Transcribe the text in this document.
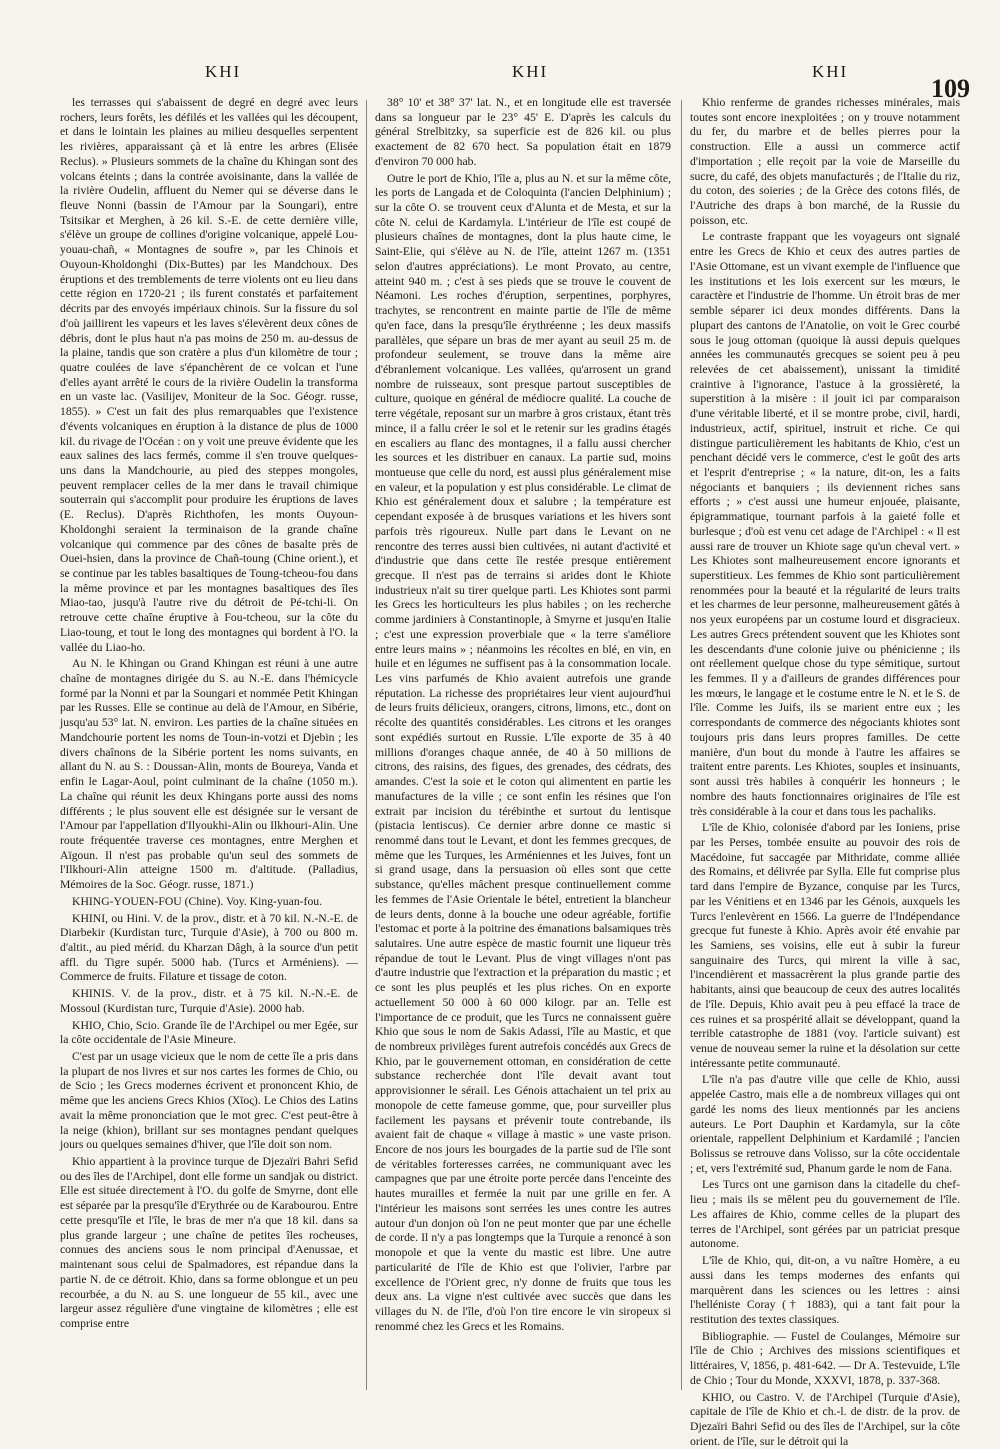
KHI	KHI	KHI
109

les terrasses qui s'abaissent de degré en degré avec leurs rochers, leurs forêts, les défilés et les vallées qui les découpent, et dans le lointain les plaines au milieu desquelles serpentent les rivières, apparaissant çà et là entre les arbres (Elisée Reclus). » Plusieurs sommets de la chaîne du Khingan sont des volcans éteints ; dans la contrée avoisinante, dans la vallée de la rivière Oudelin, affluent du Nemer qui se déverse dans le fleuve Nonni (bassin de l'Amour par la Soungari), entre Tsitsikar et Merghen, à 26 kil. S.-E. de cette dernière ville, s'élève un groupe de collines d'origine volcanique, appelé Lou-youau-chañ, « Montagnes de soufre », par les Chinois et Ouyoun-Kholdonghi (Dix-Buttes) par les Mandchoux. Des éruptions et des tremblements de terre violents ont eu lieu dans cette région en 1720-21 ; ils furent constatés et parfaitement décrits par des envoyés impériaux chinois. Sur la fissure du sol d'où jaillirent les vapeurs et les laves s'élevèrent deux cônes de débris, dont le plus haut n'a pas moins de 250 m. au-dessus de la plaine, tandis que son cratère a plus d'un kilomètre de tour ; quatre coulées de lave s'épanchèrent de ce volcan et l'une d'elles ayant arrêté le cours de la rivière Oudelin la transforma en un vaste lac. (Vasilijev, Moniteur de la Soc. Géogr. russe, 1855). » C'est un fait des plus remarquables que l'existence d'évents volcaniques en éruption à la distance de plus de 1000 kil. du rivage de l'Océan : on y voit une preuve évidente que les eaux salines des lacs fermés, comme il s'en trouve quelques-uns dans la Mandchourie, au pied des steppes mongoles, peuvent remplacer celles de la mer dans le travail chimique souterrain qui s'accomplit pour produire les éruptions de laves (E. Reclus). D'après Richthofen, les monts Ouyoun-Kholdonghi seraient la terminaison de la grande chaîne volcanique qui commence par des cônes de basalte près de Ouei-hsien, dans la province de Chañ-toung (Chine orient.), et se continue par les tables basaltiques de Toung-tcheou-fou dans la même province et par les montagnes basaltiques des îles Miao-tao, jusqu'à l'autre rive du détroit de Pé-tchi-li. On retrouve cette chaîne éruptive à Fou-tcheou, sur la côte du Liao-toung, et tout le long des montagnes qui bordent à l'O. la vallée du Liao-ho.

Au N. le Khingan ou Grand Khingan est réuni à une autre chaîne de montagnes dirigée du S. au N.-E. dans l'hémicycle formé par la Nonni et par la Soungari et nommée Petit Khingan par les Russes. Elle se continue au delà de l'Amour, en Sibérie, jusqu'au 53° lat. N. environ. Les parties de la chaîne situées en Mandchourie portent les noms de Toun-in-votzi et Djebin ; les divers chaînons de la Sibérie portent les noms suivants, en allant du N. au S. : Doussan-Alin, monts de Boureya, Vanda et enfin le Lagar-Aoul, point culminant de la chaîne (1050 m.). La chaîne qui réunit les deux Khingans porte aussi des noms différents ; le plus souvent elle est désignée sur le versant de l'Amour par l'appellation d'Ilyoukhi-Alin ou Ilkhouri-Alin. Une route fréquentée traverse ces montagnes, entre Merghen et Aïgoun. Il n'est pas probable qu'un seul des sommets de l'Ilkhouri-Alin atteigne 1500 m. d'altitude. (Palladius, Mémoires de la Soc. Géogr. russe, 1871.)

KHING-YOUEN-FOU (Chine). Voy. King-yuan-fou.

KHINI, ou Hini. V. de la prov., distr. et à 70 kil. N.-N.-E. de Diarbekir (Kurdistan turc, Turquie d'Asie), à 700 ou 800 m. d'altit., au pied mérid. du Kharzan Dâgh, à la source d'un petit affl. du Tigre supér. 5000 hab. (Turcs et Arméniens). — Commerce de fruits. Filature et tissage de coton.

KHINIS. V. de la prov., distr. et à 75 kil. N.-N.-E. de Mossoul (Kurdistan turc, Turquie d'Asie). 2000 hab.

KHIO, Chio, Scio. Grande île de l'Archipel ou mer Egée, sur la côte occidentale de l'Asie Mineure.

C'est par un usage vicieux que le nom de cette île a pris dans la plupart de nos livres et sur nos cartes les formes de Chio, ou de Scio ; les Grecs modernes écrivent et prononcent Khio, de même que les anciens Grecs Khios (Χῖος). Le Chios des Latins avait la même prononciation que le mot grec. C'est peut-être à la neige (khion), brillant sur ses montagnes pendant quelques jours ou quelques semaines d'hiver, que l'île doit son nom.

Khio appartient à la province turque de Djezaïri Bahri Sefid ou des îles de l'Archipel, dont elle forme un sandjak ou district. Elle est située directement à l'O. du golfe de Smyrne, dont elle est séparée par la presqu'île d'Erythrée ou de Karabourou. Entre cette presqu'île et l'île, le bras de mer n'a que 18 kil. dans sa plus grande largeur ; une chaîne de petites îles rocheuses, connues des anciens sous le nom principal d'Aenussae, et maintenant sous celui de Spalmadores, est répandue dans la partie N. de ce détroit. Khio, dans sa forme oblongue et un peu recourbée, a du N. au S. une longueur de 55 kil., avec une largeur assez régulière d'une vingtaine de kilomètres ; elle est comprise entre

38° 10' et 38° 37' lat. N., et en longitude elle est traversée dans sa longueur par le 23° 45' E. D'après les calculs du général Strelbitzky, sa superficie est de 826 kil. ou plus exactement de 82 670 hect. Sa population était en 1879 d'environ 70 000 hab.

Outre le port de Khio, l'île a, plus au N. et sur la même côte, les ports de Langada et de Coloquinta (l'ancien Delphinium) ; sur la côte O. se trouvent ceux d'Alunta et de Mesta, et sur la côte N. celui de Kardamyla. L'intérieur de l'île est coupé de plusieurs chaînes de montagnes, dont la plus haute cime, le Saint-Elie, qui s'élève au N. de l'île, atteint 1267 m. (1351 selon d'autres appréciations). Le mont Provato, au centre, atteint 940 m. ; c'est à ses pieds que se trouve le couvent de Néamoni. Les roches d'éruption, serpentines, porphyres, trachytes, se rencontrent en mainte partie de l'île de même qu'en face, dans la presqu'île érythréenne ; les deux massifs parallèles, que sépare un bras de mer ayant au seuil 25 m. de profondeur seulement, se trouve dans la même aire d'ébranlement volcanique. Les vallées, qu'arrosent un grand nombre de ruisseaux, sont presque partout susceptibles de culture, quoique en général de médiocre qualité. La couche de terre végétale, reposant sur un marbre à gros cristaux, étant très mince, il a fallu créer le sol et le retenir sur les gradins étagés en escaliers au flanc des montagnes, il a fallu aussi chercher les sources et les distribuer en canaux. La partie sud, moins montueuse que celle du nord, est aussi plus généralement mise en valeur, et la population y est plus considérable. Le climat de Khio est généralement doux et salubre ; la température est cependant exposée à de brusques variations et les hivers sont parfois très rigoureux. Nulle part dans le Levant on ne rencontre des terres aussi bien cultivées, ni autant d'activité et d'industrie que dans cette île restée presque entièrement grecque. Il n'est pas de terrains si arides dont le Khiote industrieux n'ait su tirer quelque parti. Les Khiotes sont parmi les Grecs les horticulteurs les plus habiles ; on les recherche comme jardiniers à Constantinople, à Smyrne et jusqu'en Italie ; c'est une expression proverbiale que « la terre s'améliore entre leurs mains » ; néanmoins les récoltes en blé, en vin, en huile et en légumes ne suffisent pas à la consommation locale. Les vins parfumés de Khio avaient autrefois une grande réputation. La richesse des propriétaires leur vient aujourd'hui de leurs fruits délicieux, orangers, citrons, limons, etc., dont on récolte des quantités considérables. Les citrons et les oranges sont expédiés surtout en Russie. L'île exporte de 35 à 40 millions d'oranges chaque année, de 40 à 50 millions de citrons, des raisins, des figues, des grenades, des cédrats, des amandes. C'est la soie et le coton qui alimentent en partie les manufactures de la ville ; ce sont enfin les résines que l'on extrait par incision du térébinthe et surtout du lentisque (pistacia lentiscus). Ce dernier arbre donne ce mastic si renommé dans tout le Levant, et dont les femmes grecques, de même que les Turques, les Arméniennes et les Juives, font un si grand usage, dans la persuasion où elles sont que cette substance, qu'elles mâchent presque continuellement comme les femmes de l'Asie Orientale le bétel, entretient la blancheur de leurs dents, donne à la bouche une odeur agréable, fortifie l'estomac et porte à la poitrine des émanations balsamiques très salutaires. Une autre espèce de mastic fournit une liqueur très répandue de tout le Levant. Plus de vingt villages n'ont pas d'autre industrie que l'extraction et la préparation du mastic ; et ce sont les plus peuplés et les plus riches. On en exporte actuellement 50 000 à 60 000 kilogr. par an. Telle est l'importance de ce produit, que les Turcs ne connaissent guère Khio que sous le nom de Sakis Adassi, l'île au Mastic, et que de nombreux privilèges furent autrefois concédés aux Grecs de Khio, par le gouvernement ottoman, en considération de cette substance recherchée dont l'île devait avant tout approvisionner le sérail. Les Génois attachaient un tel prix au monopole de cette fameuse gomme, que, pour surveiller plus facilement les paysans et prévenir toute contrebande, ils avaient fait de chaque « village à mastic » une vaste prison. Encore de nos jours les bourgades de la partie sud de l'île sont de véritables forteresses carrées, ne communiquant avec les campagnes que par une étroite porte percée dans l'enceinte des hautes murailles et fermée la nuit par une grille en fer. A l'intérieur les maisons sont serrées les unes contre les autres autour d'un donjon où l'on ne peut monter que par une échelle de corde. Il n'y a pas longtemps que la Turquie a renoncé à son monopole et que la vente du mastic est libre. Une autre particularité de l'île de Khio est que l'olivier, l'arbre par excellence de l'Orient grec, n'y donne de fruits que tous les deux ans. La vigne n'est cultivée avec succès que dans les villages du N. de l'île, d'où l'on tire encore le vin siropeux si renommé chez les Grecs et les Romains.

Khio renferme de grandes richesses minérales, mais toutes sont encore inexploitées ; on y trouve notamment du fer, du marbre et de belles pierres pour la construction. Elle a aussi un commerce actif d'importation ; elle reçoit par la voie de Marseille du sucre, du café, des objets manufacturés ; de l'Italie du riz, du coton, des soieries ; de la Grèce des cotons filés, de l'Autriche des draps à bon marché, de la Russie du poisson, etc.

Le contraste frappant que les voyageurs ont signalé entre les Grecs de Khio et ceux des autres parties de l'Asie Ottomane, est un vivant exemple de l'influence que les institutions et les lois exercent sur les mœurs, le caractère et l'industrie de l'homme. Un étroit bras de mer semble séparer ici deux mondes différents. Dans la plupart des cantons de l'Anatolie, on voit le Grec courbé sous le joug ottoman (quoique là aussi depuis quelques années les communautés grecques se soient peu à peu relevées de cet abaissement), unissant la timidité craintive à l'ignorance, l'astuce à la grossièreté, la superstition à la misère : il jouit ici par comparaison d'une véritable liberté, et il se montre probe, civil, hardi, industrieux, actif, spirituel, instruit et riche. Ce qui distingue particulièrement les habitants de Khio, c'est un penchant décidé vers le commerce, c'est le goût des arts et l'esprit d'entreprise ; « la nature, dit-on, les a faits négociants et banquiers ; ils deviennent riches sans efforts ; » c'est aussi une humeur enjouée, plaisante, épigrammatique, tournant parfois à la gaieté folle et burlesque ; d'où est venu cet adage de l'Archipel : « Il est aussi rare de trouver un Khiote sage qu'un cheval vert. » Les Khiotes sont malheureusement encore ignorants et superstitieux. Les femmes de Khio sont particulièrement renommées pour la beauté et la régularité de leurs traits et les charmes de leur personne, malheureusement gâtés à nos yeux européens par un costume lourd et disgracieux. Les autres Grecs prétendent souvent que les Khiotes sont les descendants d'une colonie juive ou phénicienne ; ils ont réellement quelque chose du type sémitique, surtout les femmes. Il y a d'ailleurs de grandes différences pour les mœurs, le langage et le costume entre le N. et le S. de l'île. Comme les Juifs, ils se marient entre eux ; les correspondants de commerce des négociants khiotes sont toujours pris dans leurs propres familles. De cette manière, d'un bout du monde à l'autre les affaires se traitent entre parents. Les Khiotes, souples et insinuants, sont aussi très habiles à conquérir les honneurs ; le nombre des hauts fonctionnaires originaires de l'île est très considérable à la cour et dans tous les pachaliks.

L'île de Khio, colonisée d'abord par les Ioniens, prise par les Perses, tombée ensuite au pouvoir des rois de Macédoine, fut saccagée par Mithridate, comme alliée des Romains, et délivrée par Sylla. Elle fut comprise plus tard dans l'empire de Byzance, conquise par les Turcs, par les Vénitiens et en 1346 par les Génois, auxquels les Turcs l'enlevèrent en 1566. La guerre de l'Indépendance grecque fut funeste à Khio. Après avoir été envahie par les Samiens, ses voisins, elle eut à subir la fureur sanguinaire des Turcs, qui mirent la ville à sac, l'incendièrent et massacrèrent la plus grande partie des habitants, ainsi que beaucoup de ceux des autres localités de l'île. Depuis, Khio avait peu à peu effacé la trace de ces ruines et sa prospérité allait se développant, quand la terrible catastrophe de 1881 (voy. l'article suivant) est venue de nouveau semer la ruine et la désolation sur cette intéressante petite communauté.

L'île n'a pas d'autre ville que celle de Khio, aussi appelée Castro, mais elle a de nombreux villages qui ont gardé les noms des lieux mentionnés par les anciens auteurs. Le Port Dauphin et Kardamyla, sur la côte orientale, rappellent Delphinium et Kardamilé ; l'ancien Bolissus se retrouve dans Volisso, sur la côte occidentale ; et, vers l'extrémité sud, Phanum garde le nom de Fana.

Les Turcs ont une garnison dans la citadelle du chef-lieu ; mais ils se mêlent peu du gouvernement de l'île. Les affaires de Khio, comme celles de la plupart des terres de l'Archipel, sont gérées par un patriciat presque autonome.

L'île de Khio, qui, dit-on, a vu naître Homère, a eu aussi dans les temps modernes des enfants qui marquèrent dans les sciences ou les lettres : ainsi l'helléniste Coray († 1883), qui a tant fait pour la restitution des textes classiques.

Bibliographie. — Fustel de Coulanges, Mémoire sur l'île de Chio ; Archives des missions scientifiques et littéraires, V, 1856, p. 481-642. — Dr A. Testevuide, L'île de Chio ; Tour du Monde, XXXVI, 1878, p. 337-368.

KHIO, ou Castro. V. de l'Archipel (Turquie d'Asie), capitale de l'île de Khio et ch.-l. de distr. de la prov. de Djezaïri Bahri Sefid ou des îles de l'Archipel, sur la côte orient. de l'île, sur le détroit qui la
